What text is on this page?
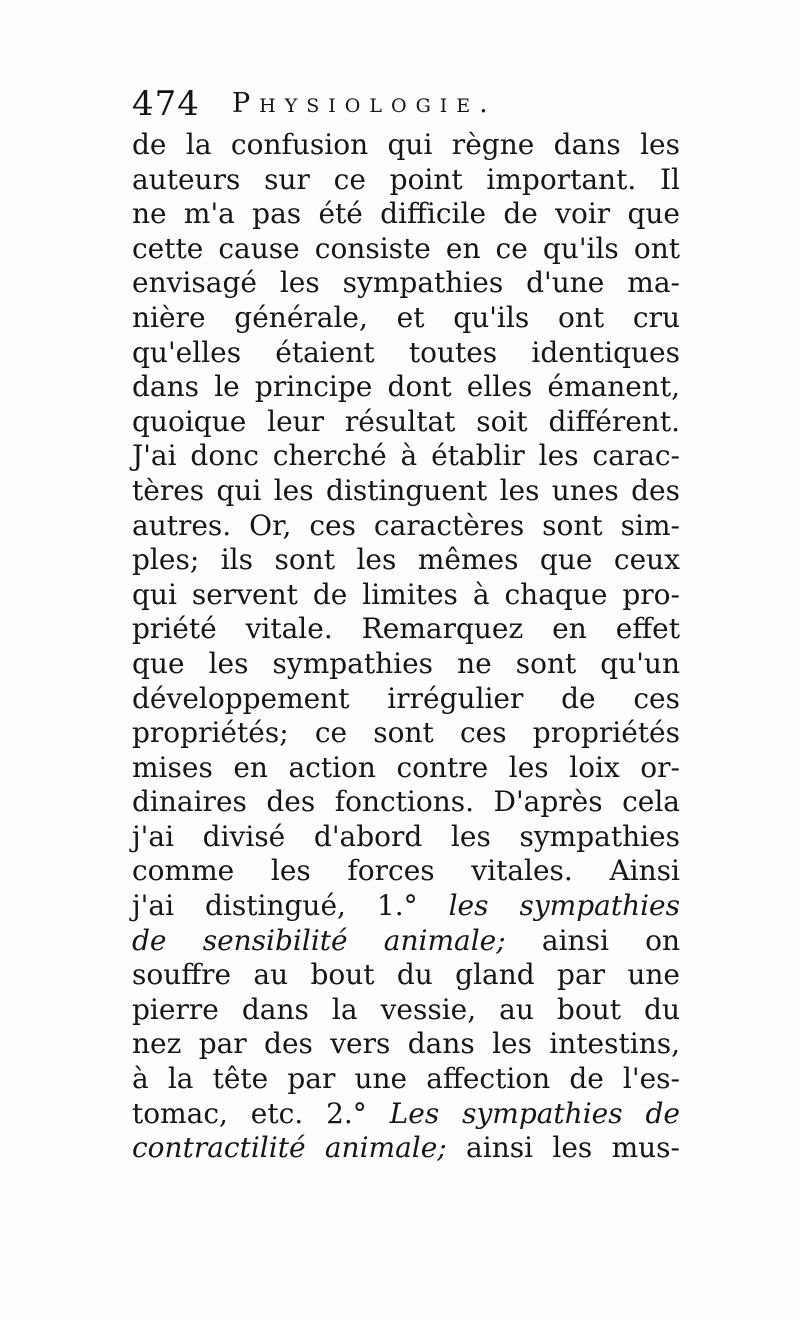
474 Physiologie.
de la confusion qui règne dans les
auteurs sur ce point important. Il
ne m'a pas été difficile de voir que
cette cause consiste en ce qu'ils ont
envisagé les sympathies d'une ma-
nière générale, et qu'ils ont cru
qu'elles étaient toutes identiques
dans le principe dont elles émanent,
quoique leur résultat soit différent.
J'ai donc cherché à établir les carac-
tères qui les distinguent les unes des
autres. Or, ces caractères sont sim-
ples; ils sont les mêmes que ceux
qui servent de limites à chaque pro-
priété vitale. Remarquez en effet
que les sympathies ne sont qu'un
développement irrégulier de ces
propriétés; ce sont ces propriétés
mises en action contre les loix or-
dinaires des fonctions. D'après cela
j'ai divisé d'abord les sympathies
comme les forces vitales. Ainsi
j'ai distingué, 1.° les sympathies
de sensibilité animale; ainsi on
souffre au bout du gland par une
pierre dans la vessie, au bout du
nez par des vers dans les intestins,
à la tête par une affection de l'es-
tomac, etc. 2.° Les sympathies de
contractilité animale; ainsi les mus-
